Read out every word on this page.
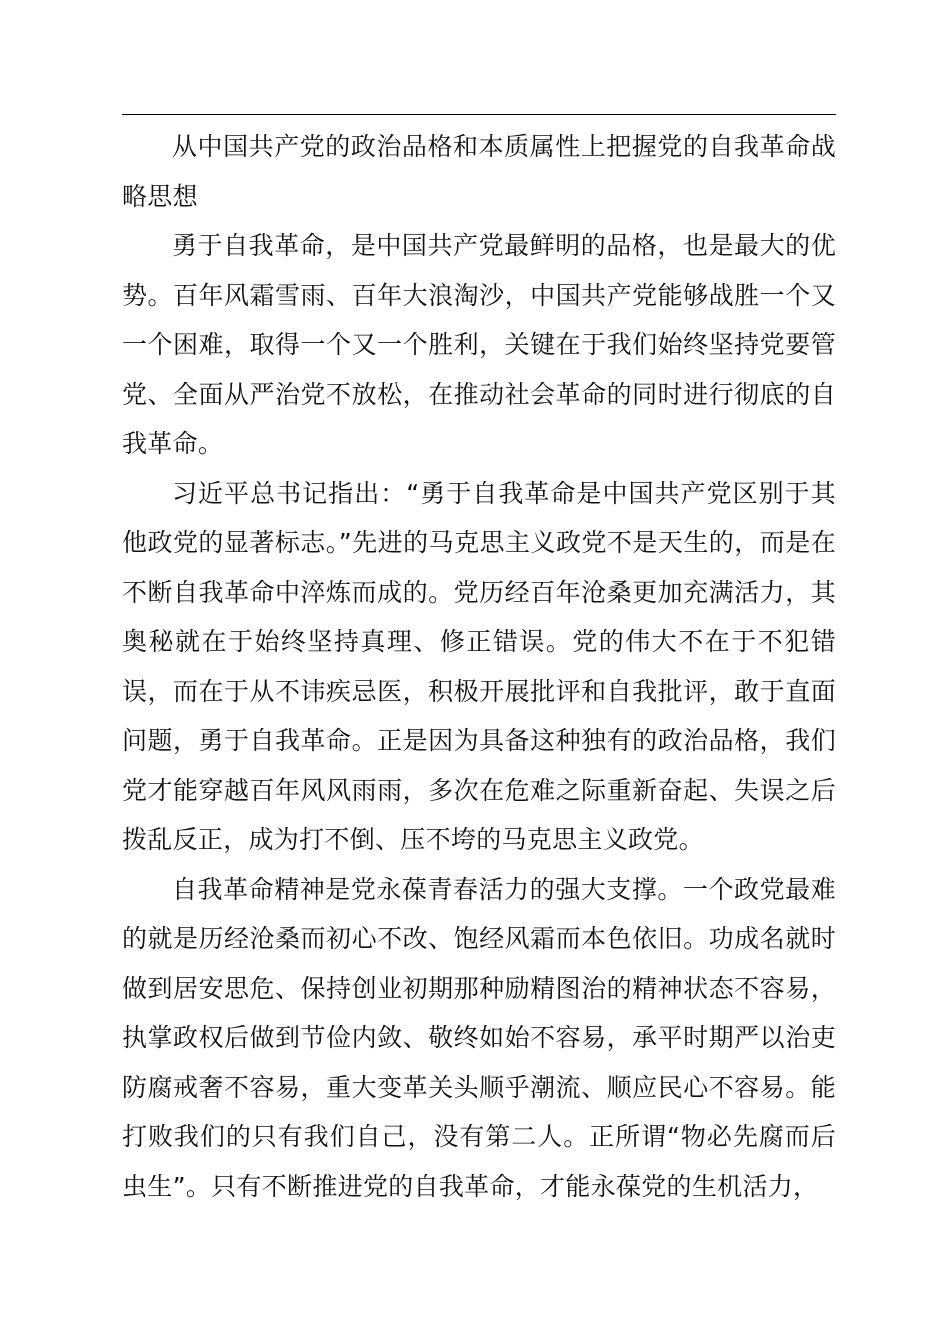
从中国共产党的政治品格和本质属性上把握党的自我革命战略思想

勇于自我革命，是中国共产党最鲜明的品格，也是最大的优势。百年风霜雪雨、百年大浪淘沙，中国共产党能够战胜一个又一个困难，取得一个又一个胜利，关键在于我们始终坚持党要管党、全面从严治党不放松，在推动社会革命的同时进行彻底的自我革命。

习近平总书记指出：“勇于自我革命是中国共产党区别于其他政党的显著标志。”先进的马克思主义政党不是天生的，而是在不断自我革命中淬炼而成的。党历经百年沧桑更加充满活力，其奥秘就在于始终坚持真理、修正错误。党的伟大不在于不犯错误，而在于从不讳疾忌医，积极开展批评和自我批评，敢于直面问题，勇于自我革命。正是因为具备这种独有的政治品格，我们党才能穿越百年风风雨雨，多次在危难之际重新奋起、失误之后拨乱反正，成为打不倒、压不垮的马克思主义政党。

自我革命精神是党永葆青春活力的强大支撑。一个政党最难的就是历经沧桑而初心不改、饱经风霜而本色依旧。功成名就时做到居安思危、保持创业初期那种励精图治的精神状态不容易，执掌政权后做到节俭内敛、敬终如始不容易，承平时期严以治吏防腐戒奢不容易，重大变革关头顺乎潮流、顺应民心不容易。能打败我们的只有我们自己，没有第二人。正所谓“物必先腐而后虫生”。只有不断推进党的自我革命，才能永葆党的生机活力，
